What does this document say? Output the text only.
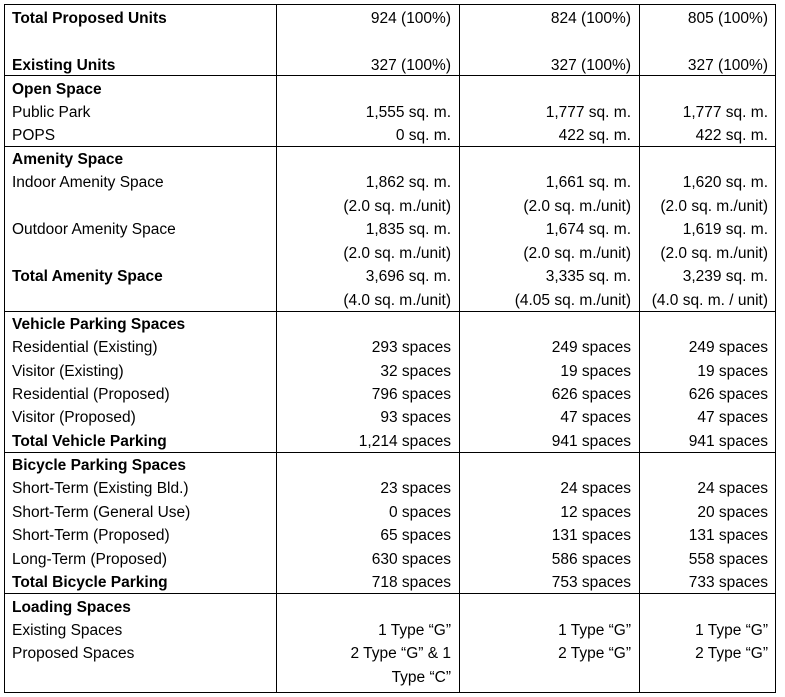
Total Proposed Units	924 (100%)	824 (100%)	805 (100%)
Existing Units	327 (100%)	327 (100%)	327 (100%)
Open Space
Public Park	1,555 sq. m.	1,777 sq. m.	1,777 sq. m.
POPS	0 sq. m.	422 sq. m.	422 sq. m.
Amenity Space
Indoor Amenity Space	1,862 sq. m.	1,661 sq. m.	1,620 sq. m.
(2.0 sq. m./unit)	(2.0 sq. m./unit)	(2.0 sq. m./unit)
Outdoor Amenity Space	1,835 sq. m.	1,674 sq. m.	1,619 sq. m.
(2.0 sq. m./unit)	(2.0 sq. m./unit)	(2.0 sq. m./unit)
Total Amenity Space	3,696 sq. m.	3,335 sq. m.	3,239 sq. m.
(4.0 sq. m./unit)	(4.05 sq. m./unit)	(4.0 sq. m. / unit)
Vehicle Parking Spaces
Residential (Existing)	293 spaces	249 spaces	249 spaces
Visitor (Existing)	32 spaces	19 spaces	19 spaces
Residential (Proposed)	796 spaces	626 spaces	626 spaces
Visitor (Proposed)	93 spaces	47 spaces	47 spaces
Total Vehicle Parking	1,214 spaces	941 spaces	941 spaces
Bicycle Parking Spaces
Short-Term (Existing Bld.)	23 spaces	24 spaces	24 spaces
Short-Term (General Use)	0 spaces	12 spaces	20 spaces
Short-Term (Proposed)	65 spaces	131 spaces	131 spaces
Long-Term (Proposed)	630 spaces	586 spaces	558 spaces
Total Bicycle Parking	718 spaces	753 spaces	733 spaces
Loading Spaces
Existing Spaces	1 Type “G”	1 Type “G”	1 Type “G”
Proposed Spaces	2 Type “G” & 1	2 Type “G”	2 Type “G”
Type “C”
